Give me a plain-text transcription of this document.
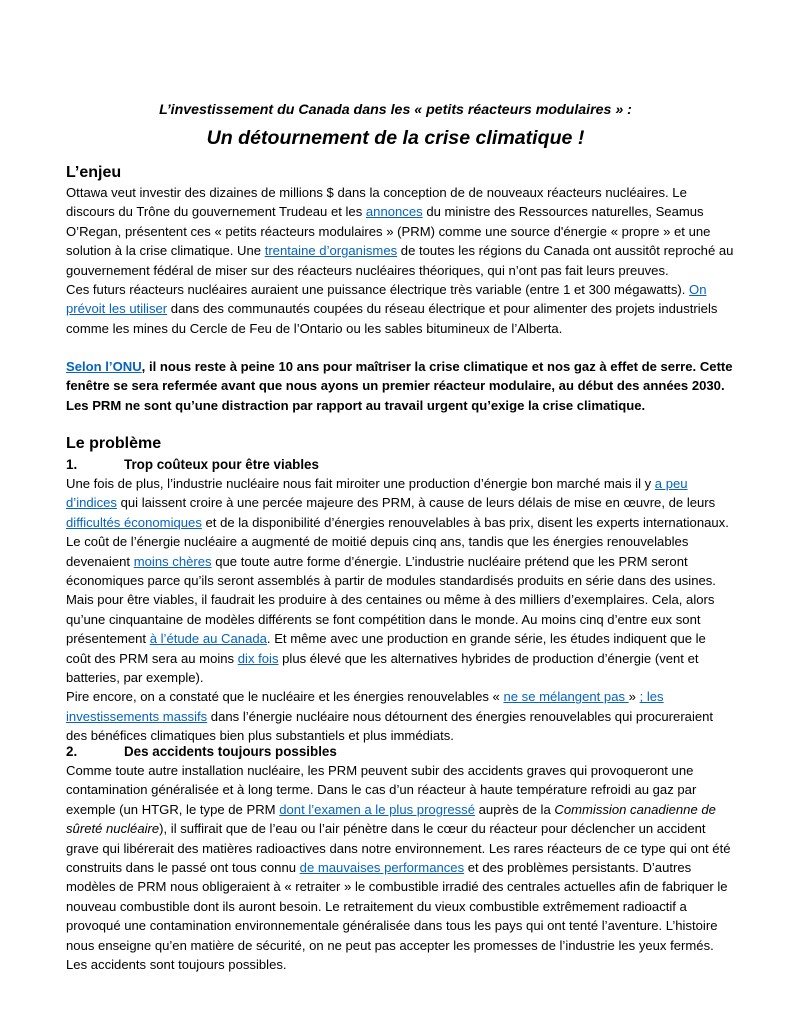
L’investissement du Canada dans les « petits réacteurs modulaires » :
Un détournement de la crise climatique !
L’enjeu

Ottawa veut investir des dizaines de millions $ dans la conception de de nouveaux réacteurs nucléaires. Le discours du Trône du gouvernement Trudeau et les annonces du ministre des Ressources naturelles, Seamus O’Regan, présentent ces « petits réacteurs modulaires » (PRM) comme une source d'énergie « propre » et une solution à la crise climatique. Une trentaine d’organismes de toutes les régions du Canada ont aussitôt reproché au gouvernement fédéral de miser sur des réacteurs nucléaires théoriques, qui n’ont pas fait leurs preuves.

Ces futurs réacteurs nucléaires auraient une puissance électrique très variable (entre 1 et 300 mégawatts). On prévoit les utiliser dans des communautés coupées du réseau électrique et pour alimenter des projets industriels comme les mines du Cercle de Feu de l’Ontario ou les sables bitumineux de l’Alberta.

Selon l’ONU, il nous reste à peine 10 ans pour maîtriser la crise climatique et nos gaz à effet de serre. Cette fenêtre se sera refermée avant que nous ayons un premier réacteur modulaire, au début des années 2030. Les PRM ne sont qu’une distraction par rapport au travail urgent qu’exige la crise climatique.

Le problème
1.	Trop coûteux pour être viables

Une fois de plus, l’industrie nucléaire nous fait miroiter une production d’énergie bon marché mais il y a peu d’indices qui laissent croire à une percée majeure des PRM, à cause de leurs délais de mise en œuvre, de leurs difficultés économiques et de la disponibilité d’énergies renouvelables à bas prix, disent les experts internationaux. Le coût de l’énergie nucléaire a augmenté de moitié depuis cinq ans, tandis que les énergies renouvelables devenaient moins chères que toute autre forme d’énergie. L’industrie nucléaire prétend que les PRM seront économiques parce qu’ils seront assemblés à partir de modules standardisés produits en série dans des usines. Mais pour être viables, il faudrait les produire à des centaines ou même à des milliers d’exemplaires. Cela, alors qu’une cinquantaine de modèles différents se font compétition dans le monde. Au moins cinq d’entre eux sont présentement à l’étude au Canada. Et même avec une production en grande série, les études indiquent que le coût des PRM sera au moins dix fois plus élevé que les alternatives hybrides de production d’énergie (vent et batteries, par exemple).

Pire encore, on a constaté que le nucléaire et les énergies renouvelables « ne se mélangent pas » ; les investissements massifs dans l’énergie nucléaire nous détournent des énergies renouvelables qui procureraient des bénéfices climatiques bien plus substantiels et plus immédiats.

2.	Des accidents toujours possibles

Comme toute autre installation nucléaire, les PRM peuvent subir des accidents graves qui provoqueront une contamination généralisée et à long terme. Dans le cas d’un réacteur à haute température refroidi au gaz par exemple (un HTGR, le type de PRM dont l’examen a le plus progressé auprès de la Commission canadienne de sûreté nucléaire), il suffirait que de l’eau ou l’air pénètre dans le cœur du réacteur pour déclencher un accident grave qui libérerait des matières radioactives dans notre environnement. Les rares réacteurs de ce type qui ont été construits dans le passé ont tous connu de mauvaises performances et des problèmes persistants. D’autres modèles de PRM nous obligeraient à « retraiter » le combustible irradié des centrales actuelles afin de fabriquer le nouveau combustible dont ils auront besoin. Le retraitement du vieux combustible extrêmement radioactif a provoqué une contamination environnementale généralisée dans tous les pays qui ont tenté l’aventure. L’histoire nous enseigne qu’en matière de sécurité, on ne peut pas accepter les promesses de l’industrie les yeux fermés. Les accidents sont toujours possibles.
